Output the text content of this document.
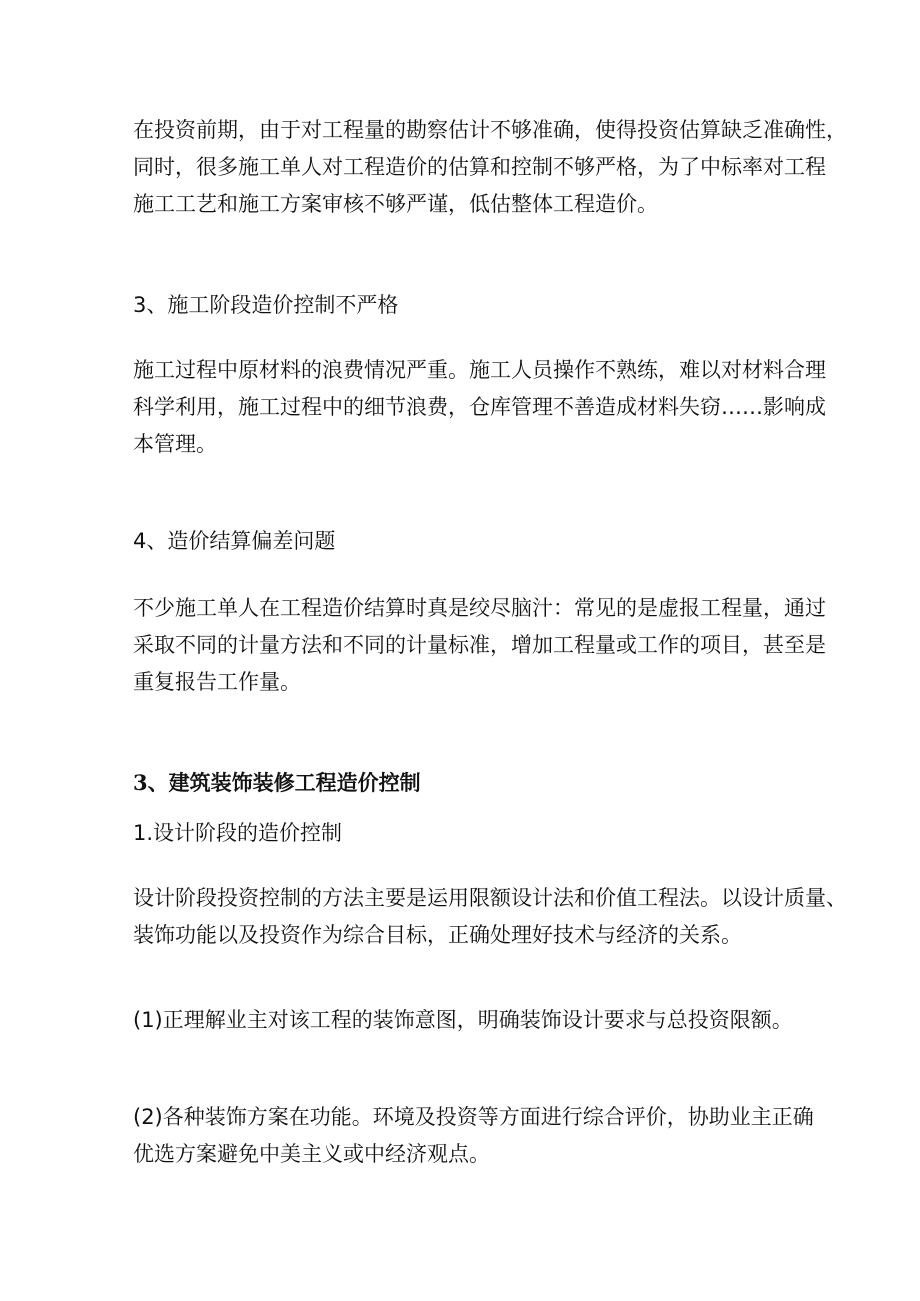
在投资前期，由于对工程量的勘察估计不够准确，使得投资估算缺乏准确性，
同时，很多施工单人对工程造价的估算和控制不够严格，为了中标率对工程
施工工艺和施工方案审核不够严谨，低估整体工程造价。
3、施工阶段造价控制不严格
施工过程中原材料的浪费情况严重。施工人员操作不熟练，难以对材料合理
科学利用，施工过程中的细节浪费，仓库管理不善造成材料失窃……影响成
本管理。
4、造价结算偏差问题
不少施工单人在工程造价结算时真是绞尽脑汁：常见的是虚报工程量，通过
采取不同的计量方法和不同的计量标准，增加工程量或工作的项目，甚至是
重复报告工作量。
3、建筑装饰装修工程造价控制
1.设计阶段的造价控制
设计阶段投资控制的方法主要是运用限额设计法和价值工程法。以设计质量、
装饰功能以及投资作为综合目标，正确处理好技术与经济的关系。
(1)正理解业主对该工程的装饰意图，明确装饰设计要求与总投资限额。
(2)各种装饰方案在功能。环境及投资等方面进行综合评价，协助业主正确
优选方案避免中美主义或中经济观点。
